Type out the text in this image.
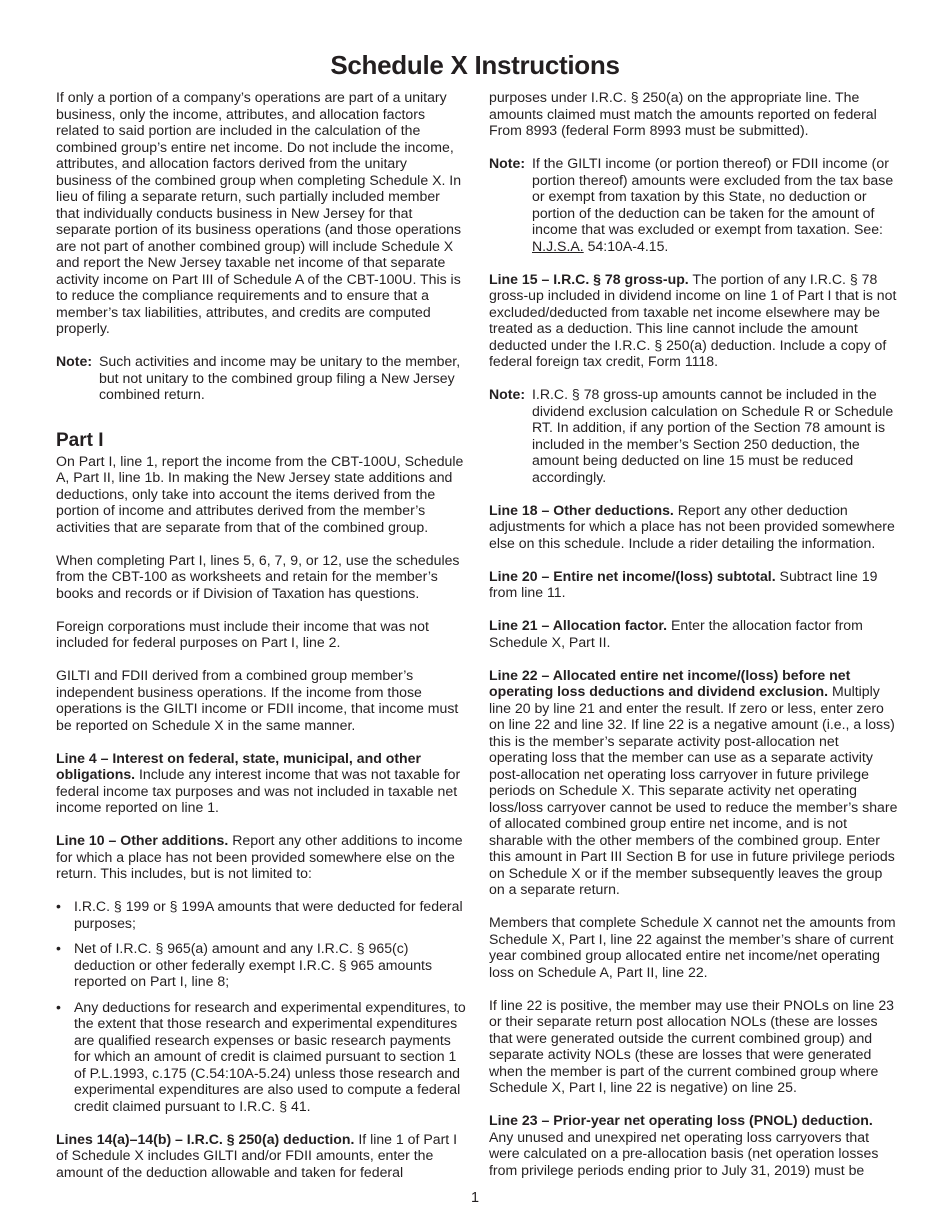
Schedule X Instructions

If only a portion of a company’s operations are part of a unitary business, only the income, attributes, and allocation factors related to said portion are included in the calculation of the combined group’s entire net income. Do not include the income, attributes, and allocation factors derived from the unitary business of the combined group when completing Schedule X. In lieu of filing a separate return, such partially included member that individually conducts business in New Jersey for that separate portion of its business operations (and those operations are not part of another combined group) will include Schedule X and report the New Jersey taxable net income of that separate activity income on Part III of Schedule A of the CBT-100U. This is to reduce the compliance requirements and to ensure that a member’s tax liabilities, attributes, and credits are computed properly.

Note: Such activities and income may be unitary to the member, but not unitary to the combined group filing a New Jersey combined return.
Part I

On Part I, line 1, report the income from the CBT-100U, Schedule A, Part II, line 1b. In making the New Jersey state additions and deductions, only take into account the items derived from the portion of income and attributes derived from the member’s activities that are separate from that of the combined group.

When completing Part I, lines 5, 6, 7, 9, or 12, use the schedules from the CBT-100 as worksheets and retain for the member’s books and records or if Division of Taxation has questions.

Foreign corporations must include their income that was not included for federal purposes on Part I, line 2.

GILTI and FDII derived from a combined group member’s independent business operations. If the income from those operations is the GILTI income or FDII income, that income must be reported on Schedule X in the same manner.

Line 4 – Interest on federal, state, municipal, and other obligations. Include any interest income that was not taxable for federal income tax purposes and was not included in taxable net income reported on line 1.

Line 10 – Other additions. Report any other additions to income for which a place has not been provided somewhere else on the return. This includes, but is not limited to:

• I.R.C. § 199 or § 199A amounts that were deducted for federal purposes;
• Net of I.R.C. § 965(a) amount and any I.R.C. § 965(c) deduction or other federally exempt I.R.C. § 965 amounts reported on Part I, line 8;
• Any deductions for research and experimental expenditures, to the extent that those research and experimental expenditures are qualified research expenses or basic research payments for which an amount of credit is claimed pursuant to section 1 of P.L.1993, c.175 (C.54:10A-5.24) unless those research and experimental expenditures are also used to compute a federal credit claimed pursuant to I.R.C. § 41.

Lines 14(a)–14(b) – I.R.C. § 250(a) deduction. If line 1 of Part I of Schedule X includes GILTI and/or FDII amounts, enter the amount of the deduction allowable and taken for federal

purposes under I.R.C. § 250(a) on the appropriate line. The amounts claimed must match the amounts reported on federal From 8993 (federal Form 8993 must be submitted).

Note: If the GILTI income (or portion thereof) or FDII income (or portion thereof) amounts were excluded from the tax base or exempt from taxation by this State, no deduction or portion of the deduction can be taken for the amount of income that was excluded or exempt from taxation. See: N.J.S.A. 54:10A-4.15.

Line 15 – I.R.C. § 78 gross-up. The portion of any I.R.C. § 78 gross-up included in dividend income on line 1 of Part I that is not excluded/deducted from taxable net income elsewhere may be treated as a deduction. This line cannot include the amount deducted under the I.R.C. § 250(a) deduction. Include a copy of federal foreign tax credit, Form 1118.

Note: I.R.C. § 78 gross-up amounts cannot be included in the dividend exclusion calculation on Schedule R or Schedule RT. In addition, if any portion of the Section 78 amount is included in the member’s Section 250 deduction, the amount being deducted on line 15 must be reduced accordingly.

Line 18 – Other deductions. Report any other deduction adjustments for which a place has not been provided somewhere else on this schedule. Include a rider detailing the information.

Line 20 – Entire net income/(loss) subtotal. Subtract line 19 from line 11.

Line 21 – Allocation factor. Enter the allocation factor from Schedule X, Part II.

Line 22 – Allocated entire net income/(loss) before net operating loss deductions and dividend exclusion. Multiply line 20 by line 21 and enter the result. If zero or less, enter zero on line 22 and line 32. If line 22 is a negative amount (i.e., a loss) this is the member’s separate activity post-allocation net operating loss that the member can use as a separate activity post-allocation net operating loss carryover in future privilege periods on Schedule X. This separate activity net operating loss/loss carryover cannot be used to reduce the member’s share of allocated combined group entire net income, and is not sharable with the other members of the combined group. Enter this amount in Part III Section B for use in future privilege periods on Schedule X or if the member subsequently leaves the group on a separate return.

Members that complete Schedule X cannot net the amounts from Schedule X, Part I, line 22 against the member’s share of current year combined group allocated entire net income/net operating loss on Schedule A, Part II, line 22.

If line 22 is positive, the member may use their PNOLs on line 23 or their separate return post allocation NOLs (these are losses that were generated outside the current combined group) and separate activity NOLs (these are losses that were generated when the member is part of the current combined group where Schedule X, Part I, line 22 is negative) on line 25.

Line 23 – Prior-year net operating loss (PNOL) deduction. Any unused and unexpired net operating loss carryovers that were calculated on a pre-allocation basis (net operation losses from privilege periods ending prior to July 31, 2019) must be

1
